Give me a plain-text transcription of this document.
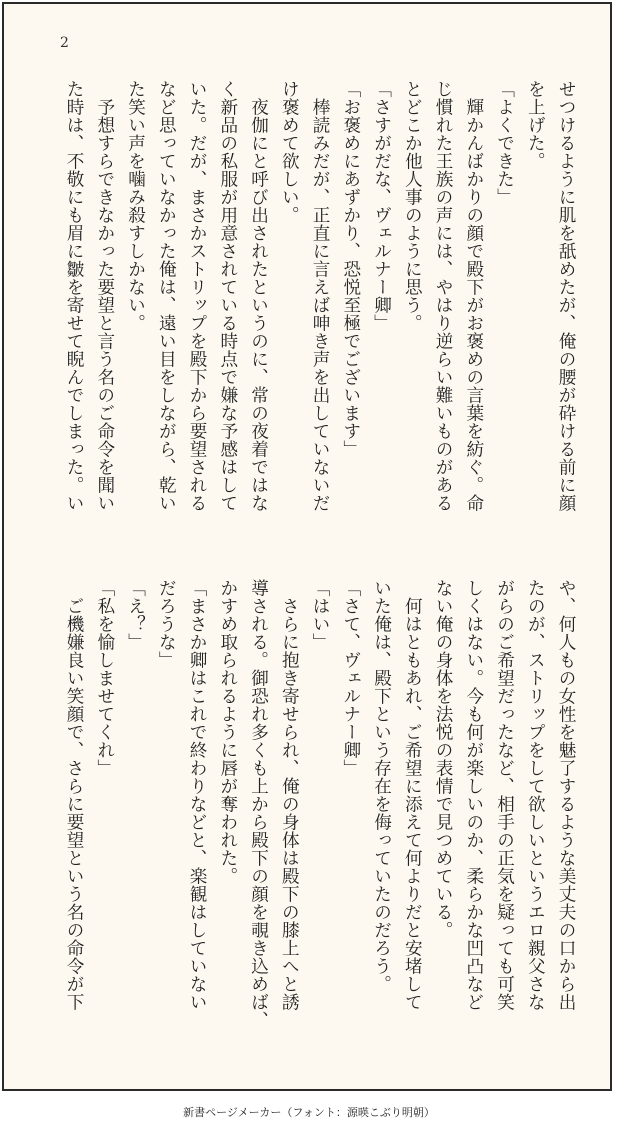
2
せつけるように肌を舐めたが、俺の腰が砕ける前に顔
を上げた。
「よくできた」
　輝かんばかりの顔で殿下がお褒めの言葉を紡ぐ。命
じ慣れた王族の声には、やはり逆らい難いものがある
とどこか他人事のように思う。
「さすがだな、ヴェルナー卿」
「お褒めにあずかり、恐悦至極でございます」
　棒読みだが、正直に言えば呻き声を出していないだ
け褒めて欲しい。
　夜伽にと呼び出されたというのに、常の夜着ではな
く新品の私服が用意されている時点で嫌な予感はして
いた。だが、まさかストリップを殿下から要望される
など思っていなかった俺は、遠い目をしながら、乾い
た笑い声を噛み殺すしかない。
　予想すらできなかった要望と言う名のご命令を聞い
た時は、不敬にも眉に皺を寄せて睨んでしまった。い
や、何人もの女性を魅了するような美丈夫の口から出
たのが、ストリップをして欲しいというエロ親父さな
がらのご希望だったなど、相手の正気を疑っても可笑
しくはない。今も何が楽しいのか、柔らかな凹凸など
ない俺の身体を法悦の表情で見つめている。
　何はともあれ、ご希望に添えて何よりだと安堵して
いた俺は、殿下という存在を侮っていたのだろう。
「さて、ヴェルナー卿」
「はい」
　さらに抱き寄せられ、俺の身体は殿下の膝上へと誘
導される。御恐れ多くも上から殿下の顔を覗き込めば、
かすめ取られるように唇が奪われた。
「まさか卿はこれで終わりなどと、楽観はしていない
だろうな」
「え？」
「私を愉しませてくれ」
　ご機嫌良い笑顔で、さらに要望という名の命令が下
新書ページメーカー（フォント：源暎こぶり明朝）
